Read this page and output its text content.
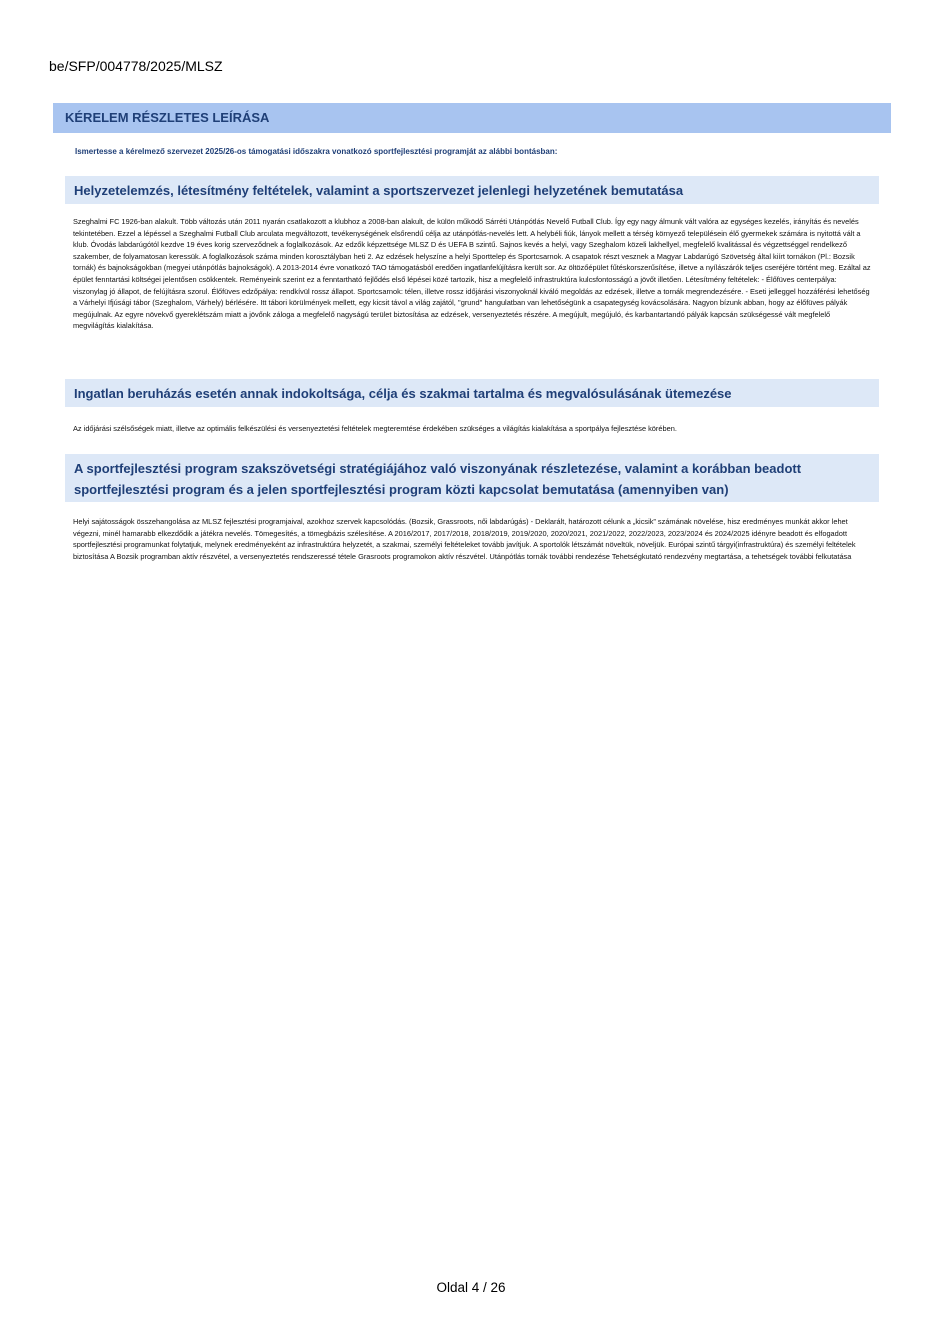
be/SFP/004778/2025/MLSZ
KÉRELEM RÉSZLETES LEÍRÁSA
Ismertesse a kérelmező szervezet 2025/26-os támogatási időszakra vonatkozó sportfejlesztési programját az alábbi bontásban:
Helyzetelemzés, létesítmény feltételek, valamint a sportszervezet jelenlegi helyzetének bemutatása
Szeghalmi FC 1926-ban alakult. Több változás után 2011 nyarán csatlakozott a klubhoz a 2008-ban alakult, de külön működő Sárréti Utánpótlás Nevelő Futball Club. Így egy nagy álmunk vált valóra az egységes kezelés, irányítás és nevelés tekintetében. Ezzel a lépéssel a Szeghalmi Futball Club arculata megváltozott, tevékenységének elsőrendű célja az utánpótlás-nevelés lett. A helybéli fiúk, lányok mellett a térség környező településein élő gyermekek számára is nyitottá vált a klub. Óvodás labdarúgótól kezdve 19 éves korig szerveződnek a foglalkozások. Az edzők képzettsége MLSZ D és UEFA B szintű. Sajnos kevés a helyi, vagy Szeghalom közeli lakhellyel, megfelelő kvalitással és végzettséggel rendelkező szakember, de folyamatosan keressük. A foglalkozások száma minden korosztályban heti 2. Az edzések helyszíne a helyi Sporttelep és Sportcsarnok. A csapatok részt vesznek a Magyar Labdarúgó Szövetség által kiírt tornákon (Pl.: Bozsik tornák) és bajnokságokban (megyei utánpótlás bajnokságok). A 2013-2014 évre vonatkozó TAO támogatásból eredően ingatlanfelújításra került sor. Az öltözőépület fűtéskorszerűsítése, illetve a nyílászárók teljes cseréjére történt meg. Ezáltal az épület fenntartási költségei jelentősen csökkentek. Reményeink szerint ez a fenntartható fejlődés első lépései közé tartozik, hisz a megfelelő infrastruktúra kulcsfontosságú a jövőt illetően. Létesítmény feltételek: - Élőfüves centerpálya: viszonylag jó állapot, de felújításra szorul. Élőfüves edzőpálya: rendkívül rossz állapot. Sportcsarnok: télen, illetve rossz időjárási viszonyoknál kiváló megoldás az edzések, illetve a tornák megrendezésére. - Eseti jelleggel hozzáférési lehetőség a Várhelyi Ifjúsági tábor (Szeghalom, Várhely) bérlésére. Itt tábori körülmények mellett, egy kicsit távol a világ zajától, ''grund'' hangulatban van lehetőségünk a csapategység kovácsolására. Nagyon bízunk abban, hogy az élőfüves pályák megújulnak. Az egyre növekvő gyereklétszám miatt a jövőnk záloga a megfelelő nagyságú terület biztosítása az edzések, versenyeztetés részére. A megújult, megújuló, és karbantartandó pályák kapcsán szükségessé vált megfelelő megvilágítás kialakítása.
Ingatlan beruházás esetén annak indokoltsága, célja és szakmai tartalma és megvalósulásának ütemezése
Az időjárási szélsőségek miatt, illetve az optimális felkészülési és versenyeztetési feltételek megteremtése érdekében szükséges a világítás kialakítása a sportpálya fejlesztése körében.
A sportfejlesztési program szakszövetségi stratégiájához való viszonyának részletezése, valamint a korábban beadott sportfejlesztési program és a jelen sportfejlesztési program közti kapcsolat bemutatása (amennyiben van)
Helyi sajátosságok összehangolása az MLSZ fejlesztési programjaival, azokhoz szervek kapcsolódás. (Bozsik, Grassroots, női labdarúgás) - Deklarált, határozott célunk a „kicsik” számának növelése, hisz eredményes munkát akkor lehet végezni, minél hamarabb elkezdődik a játékra nevelés. Tömegesítés, a tömegbázis szélesítése. A 2016/2017, 2017/2018, 2018/2019, 2019/2020, 2020/2021, 2021/2022, 2022/2023, 2023/2024 és 2024/2025 idényre beadott és elfogadott sportfejlesztési programunkat folytatjuk, melynek eredményeként az infrastruktúra helyzetét, a szakmai, személyi feltételeket tovább javítjuk. A sportolók létszámát növeltük, növeljük. Európai szintű tárgyi(infrastruktúra) és személyi feltételek biztosítása A Bozsik programban aktív részvétel, a versenyeztetés rendszeressé tétele Grasroots programokon aktív részvétel. Utánpótlás tornák további rendezése Tehetségkutató rendezvény megtartása, a tehetségek további felkutatása
Oldal 4 / 26
